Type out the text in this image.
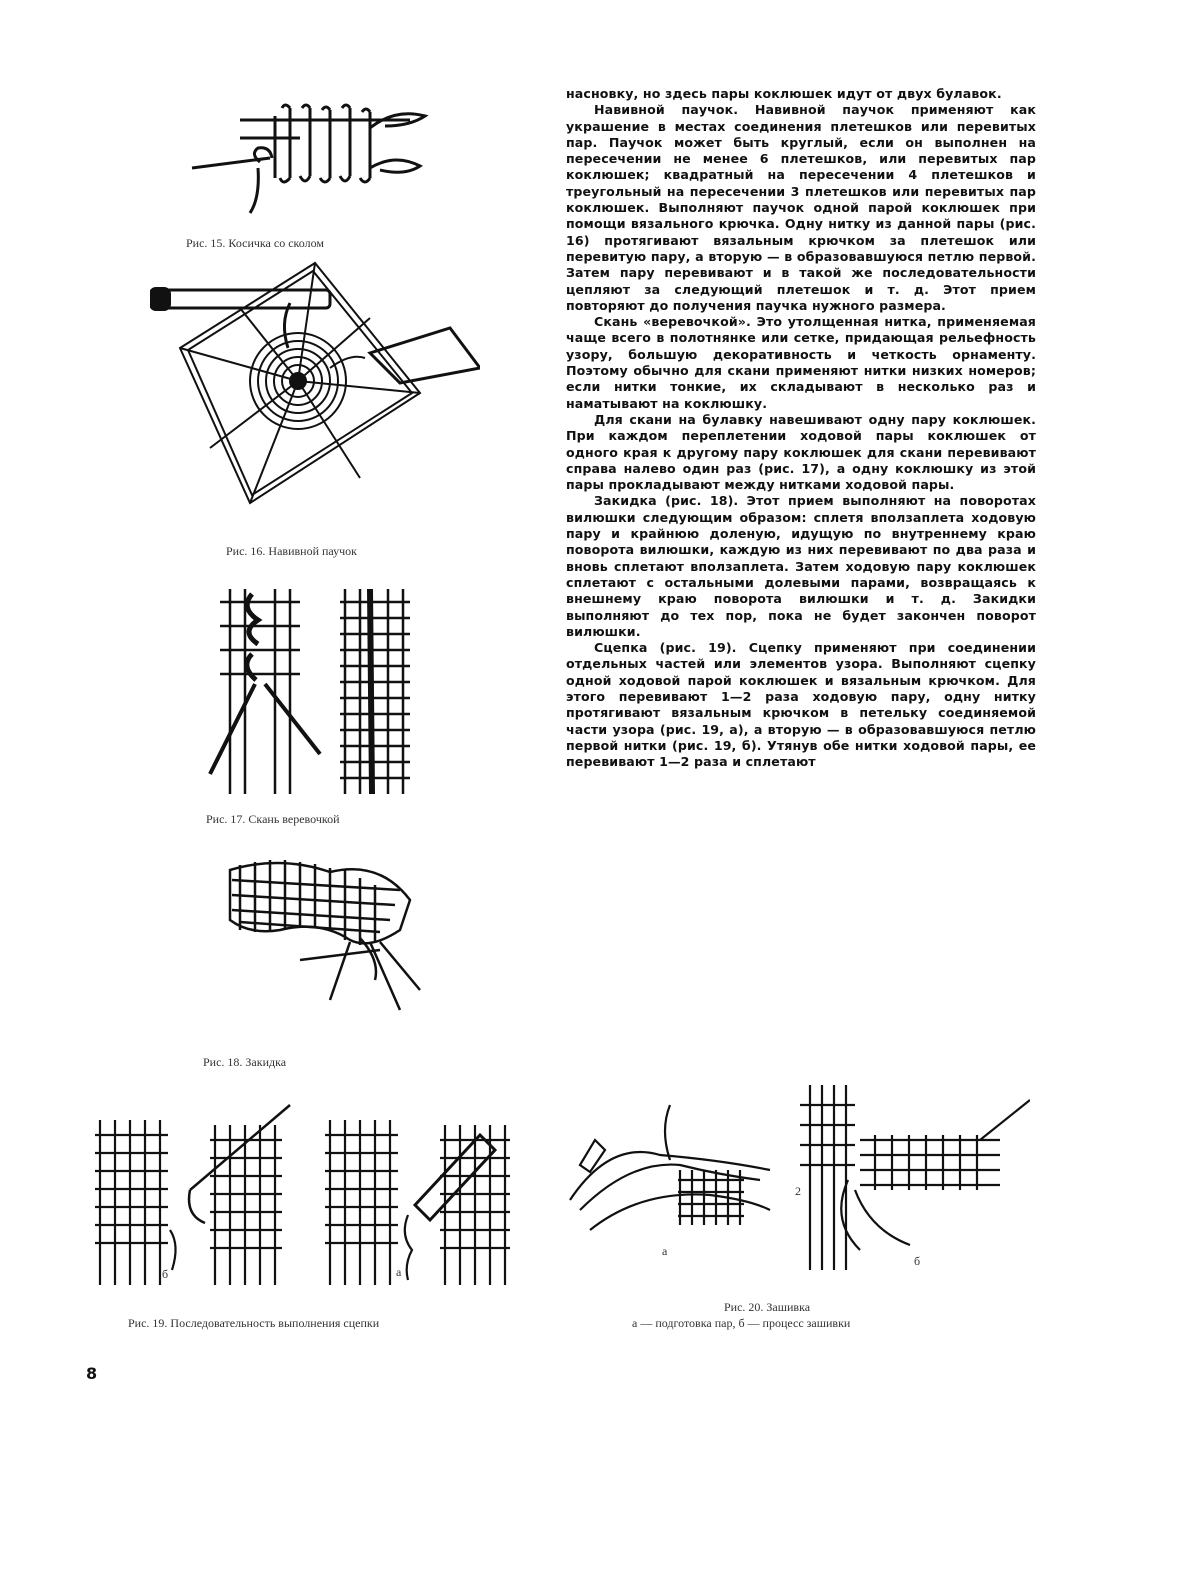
Рис. 15. Косичка со сколом
Рис. 16. Навивной паучок
Рис. 17. Скань веревочкой
Рис. 18. Закидка
б	а
Рис. 19. Последовательность выполнения сцепки
а
2
б
Рис. 20. Зашивка
а — подготовка пар, б — процесс зашивки

насновку, но здесь пары коклюшек идут от двух булавок.

Навивной паучок. Навивной паучок применяют как украшение в местах соединения плетешков или перевитых пар. Паучок может быть круглый, если он выполнен на пересечении не менее 6 плетешков, или перевитых пар коклюшек; квадратный на пересечении 4 плетешков и треугольный на пересечении 3 плетешков или перевитых пар коклюшек. Выполняют паучок одной парой коклюшек при помощи вязального крючка. Одну нитку из данной пары (рис. 16) протягивают вязальным крючком за плетешок или перевитую пару, а вторую — в образовавшуюся петлю первой. Затем пару перевивают и в такой же последовательности цепляют за следующий плетешок и т. д. Этот прием повторяют до получения паучка нужного размера.

Скань «веревочкой». Это утолщенная нитка, применяемая чаще всего в полотнянке или сетке, придающая рельефность узору, большую декоративность и четкость орнаменту. Поэтому обычно для скани применяют нитки низких номеров; если нитки тонкие, их складывают в несколько раз и наматывают на коклюшку.

Для скани на булавку навешивают одну пару коклюшек. При каждом переплетении ходовой пары коклюшек от одного края к другому пару коклюшек для скани перевивают справа налево один раз (рис. 17), а одну коклюшку из этой пары прокладывают между нитками ходовой пары.

Закидка (рис. 18). Этот прием выполняют на поворотах вилюшки следующим образом: сплетя вползаплета ходовую пару и крайнюю доленую, идущую по внутреннему краю поворота вилюшки, каждую из них перевивают по два раза и вновь сплетают вползаплета. Затем ходовую пару коклюшек сплетают с остальными долевыми парами, возвращаясь к внешнему краю поворота вилюшки и т. д. Закидки выполняют до тех пор, пока не будет закончен поворот вилюшки.

Сцепка (рис. 19). Сцепку применяют при соединении отдельных частей или элементов узора. Выполняют сцепку одной ходовой парой коклюшек и вязальным крючком. Для этого перевивают 1—2 раза ходовую пару, одну нитку протягивают вязальным крючком в петельку соединяемой части узора (рис. 19, а), а вторую — в образовавшуюся петлю первой нитки (рис. 19, б). Утянув обе нитки ходовой пары, ее перевивают 1—2 раза и сплетают

8
